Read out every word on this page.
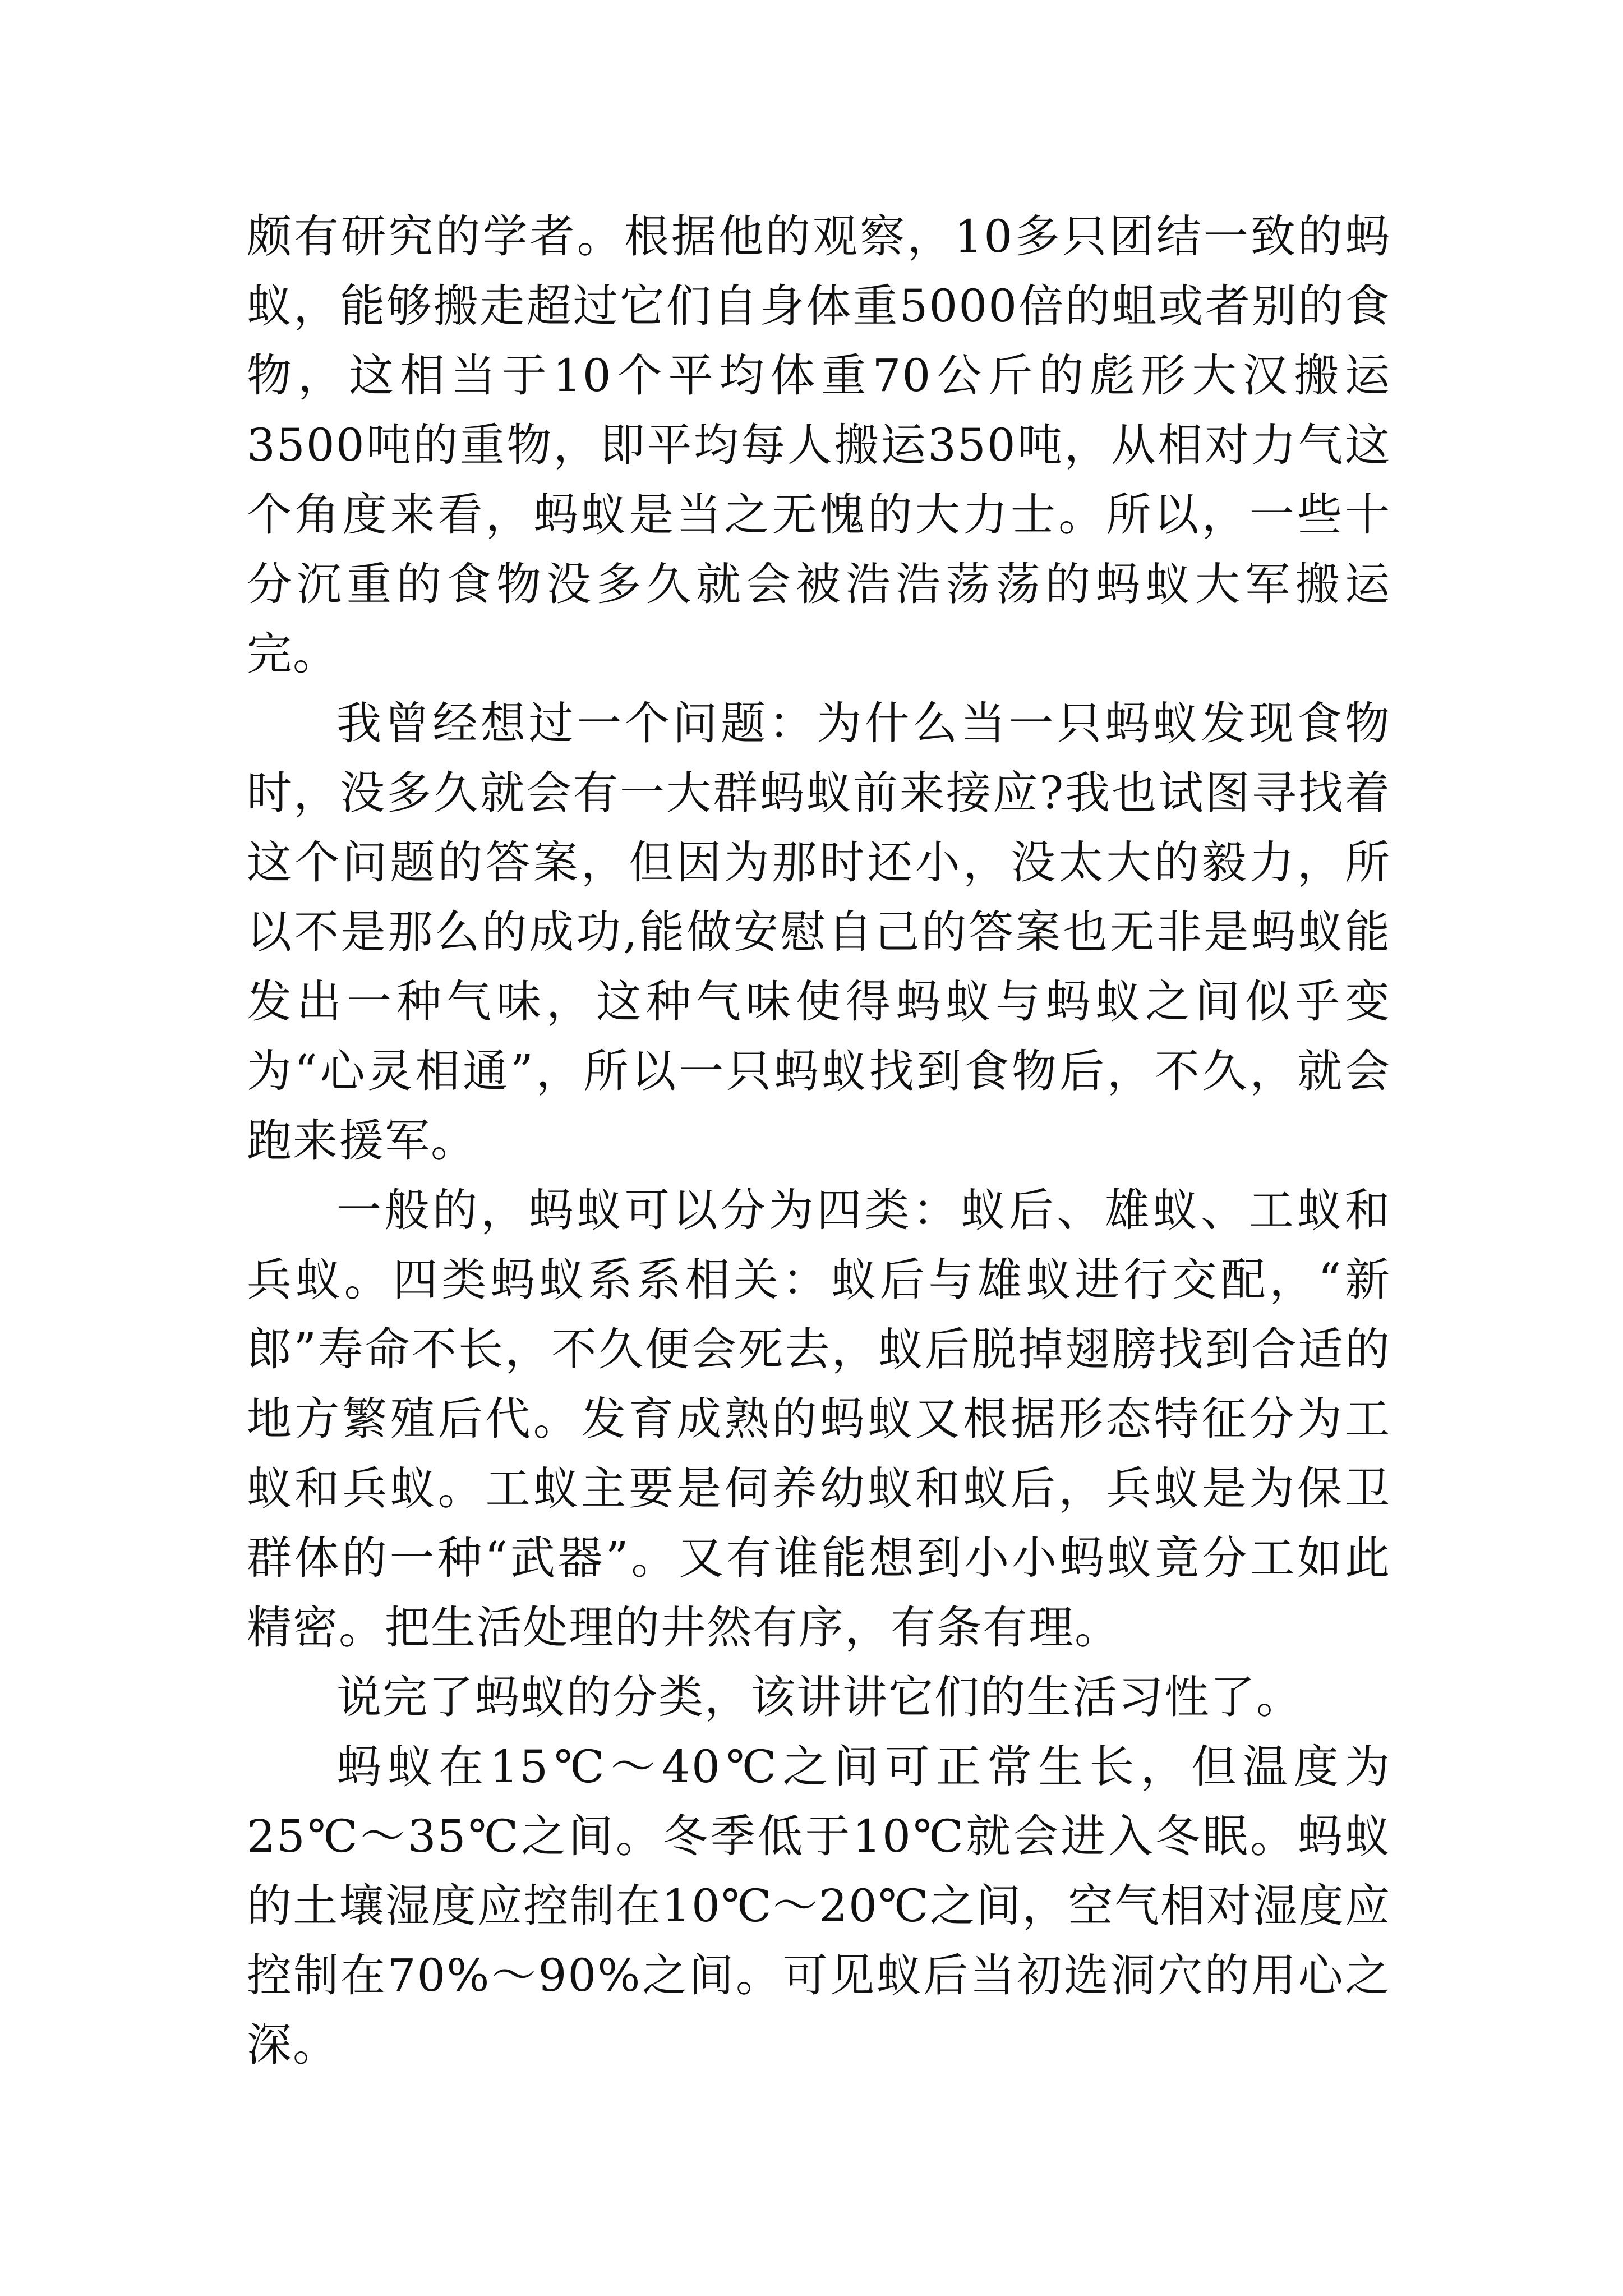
颇有研究的学者。根据他的观察，10多只团结一致的蚂蚁，能够搬走超过它们自身体重5000倍的蛆或者别的食物，这相当于10个平均体重70公斤的彪形大汉搬运3500吨的重物，即平均每人搬运350吨，从相对力气这个角度来看，蚂蚁是当之无愧的大力士。所以，一些十分沉重的食物没多久就会被浩浩荡荡的蚂蚁大军搬运完。

我曾经想过一个问题：为什么当一只蚂蚁发现食物时，没多久就会有一大群蚂蚁前来接应?我也试图寻找着这个问题的答案，但因为那时还小，没太大的毅力，所以不是那么的成功,能做安慰自己的答案也无非是蚂蚁能发出一种气味，这种气味使得蚂蚁与蚂蚁之间似乎变为“心灵相通”，所以一只蚂蚁找到食物后，不久，就会跑来援军。

一般的，蚂蚁可以分为四类：蚁后、雄蚁、工蚁和兵蚁。四类蚂蚁系系相关：蚁后与雄蚁进行交配，“新郎”寿命不长，不久便会死去，蚁后脱掉翅膀找到合适的地方繁殖后代。发育成熟的蚂蚁又根据形态特征分为工蚁和兵蚁。工蚁主要是伺养幼蚁和蚁后，兵蚁是为保卫群体的一种“武器”。又有谁能想到小小蚂蚁竟分工如此精密。把生活处理的井然有序，有条有理。

说完了蚂蚁的分类，该讲讲它们的生活习性了。

蚂蚁在15℃～40℃之间可正常生长，但温度为25℃～35℃之间。冬季低于10℃就会进入冬眠。蚂蚁的土壤湿度应控制在10℃～20℃之间，空气相对湿度应控制在70%～90%之间。可见蚁后当初选洞穴的用心之深。
